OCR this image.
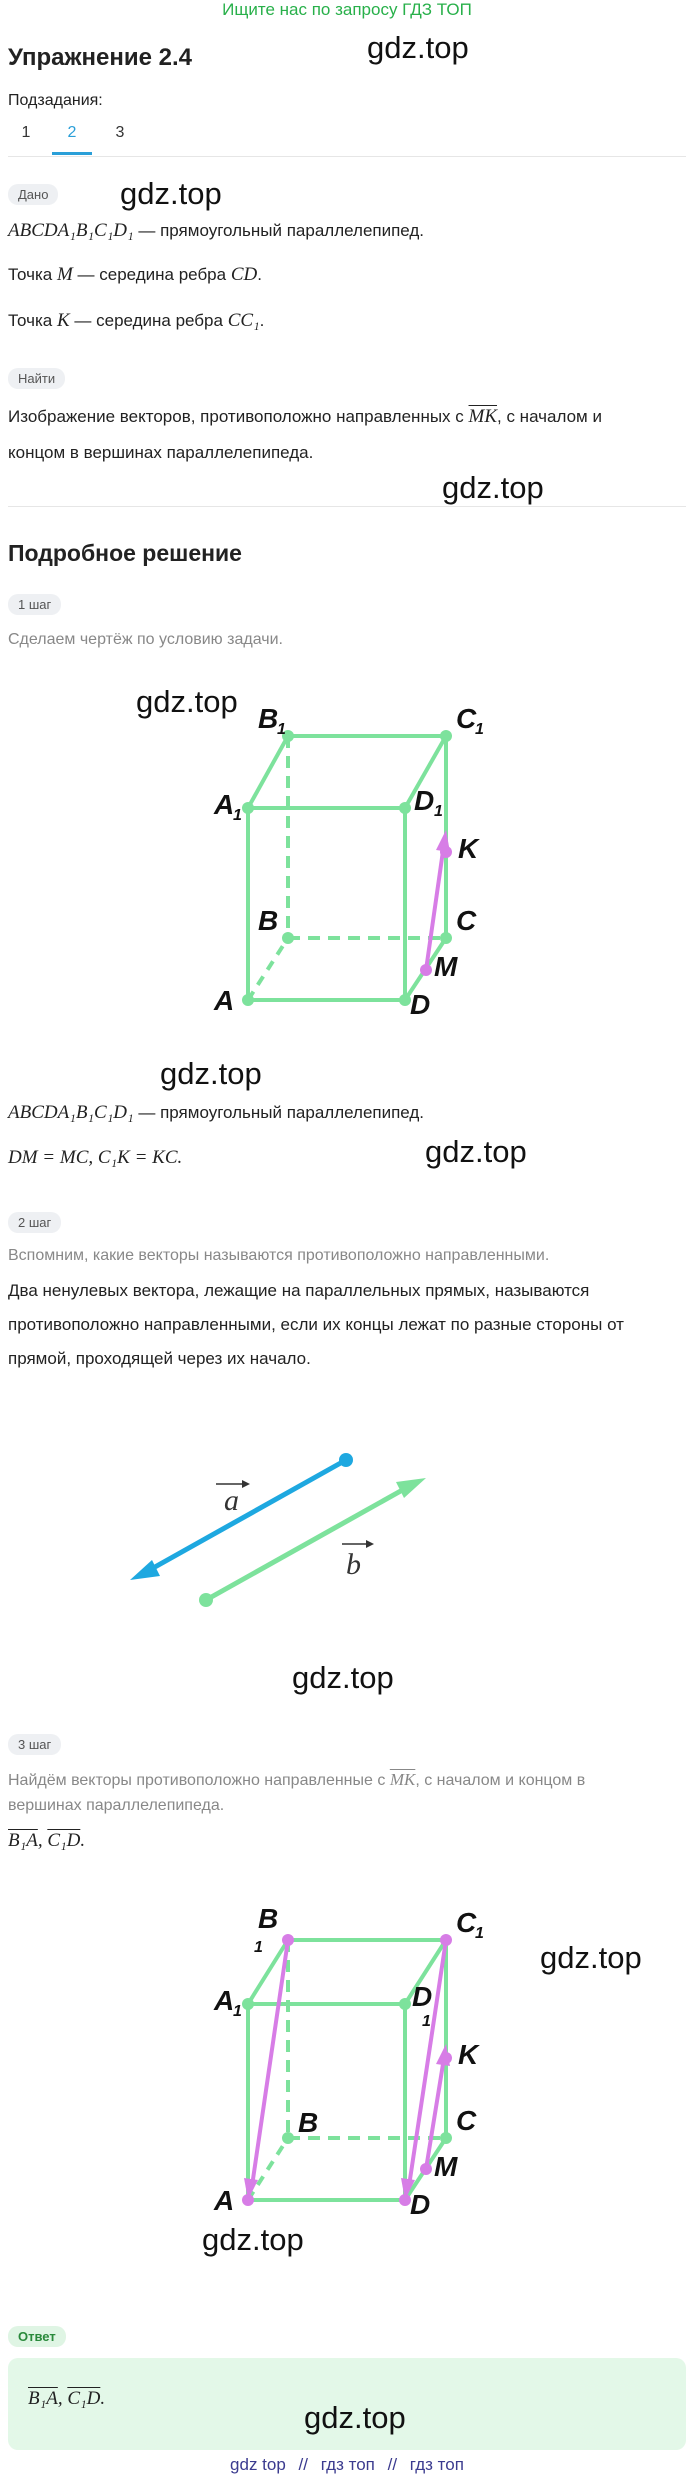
Ищите нас по запросу ГДЗ ТОП
Упражнение 2.4	gdz.top
Подзадания:
1	2	3
Дано	gdz.top
ABCDA₁B₁C₁D₁ — прямоугольный параллелепипед.
Точка M — середина ребра CD.
Точка K — середина ребра CC₁.
Найти
Изображение векторов, противоположно направленных с $\overline{MK}$, с началом и
концом в вершинах параллелепипеда.
gdz.top
Подробное решение
1 шаг
Сделаем чертёж по условию задачи.
gdz.top
A	D
B	C
M
K
A
1	D 1
B
1	C
1
gdz.top
ABCDA₁B₁C₁D₁ — прямоугольный параллелепипед.
DM = MC, C₁K = KC.	gdz.top
2 шаг
Вспомним, какие векторы называются противоположно направленными.
Два ненулевых вектора, лежащие на параллельных прямых, называются
противоположно направленными, если их концы лежат по разные стороны от
прямой, проходящей через их начало.
a
b
gdz.top
3 шаг
Найдём векторы противоположно направленные с $\overline{MK}$, с началом и концом в
вершинах параллелепипеда.
B₁A, C₁D.
A	D
B	C
M
K
A
1	D
1
B
1
C
1
gdz.top
gdz.top
Ответ
B₁A, C₁D.
gdz.top
gdz top // гдз топ // гдз топ
